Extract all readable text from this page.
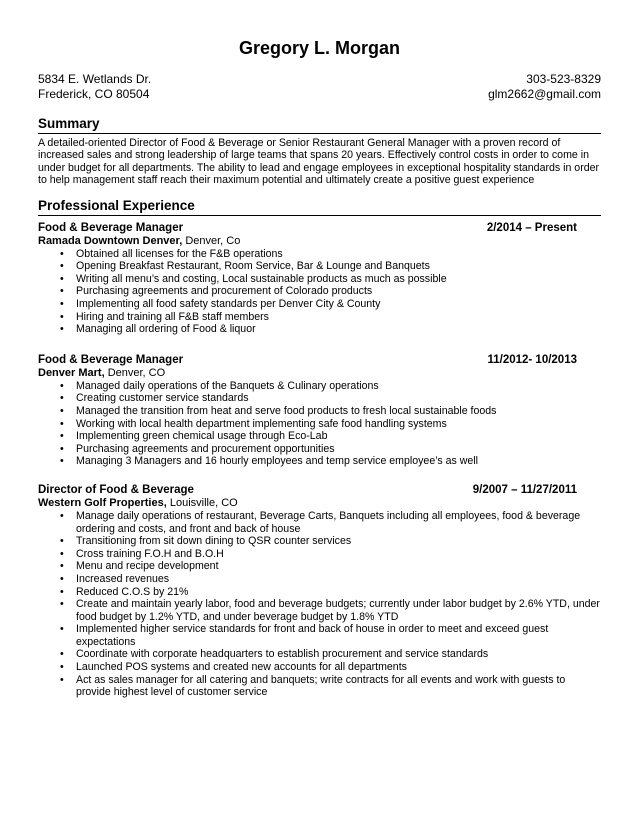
Gregory L. Morgan
5834 E. Wetlands Dr.
Frederick, CO 80504
303-523-8329
glm2662@gmail.com
Summary
A detailed-oriented Director of Food & Beverage or Senior Restaurant General Manager with a proven record of increased sales and strong leadership of large teams that spans 20 years. Effectively control costs in order to come in under budget for all departments. The ability to lead and engage employees in exceptional hospitality standards in order to help management staff reach their maximum potential and ultimately create a positive guest experience
Professional Experience
Food & Beverage Manager	2/2014 – Present
Ramada Downtown Denver, Denver, Co
• Obtained all licenses for the F&B operations
• Opening Breakfast Restaurant, Room Service, Bar & Lounge and Banquets
• Writing all menu’s and costing, Local sustainable products as much as possible
• Purchasing agreements and procurement of Colorado products
• Implementing all food safety standards per Denver City & County
• Hiring and training all F&B staff members
• Managing all ordering of Food & liquor
Food & Beverage Manager	11/2012- 10/2013
Denver Mart, Denver, CO
• Managed daily operations of the Banquets & Culinary operations
• Creating customer service standards
• Managed the transition from heat and serve food products to fresh local sustainable foods
• Working with local health department implementing safe food handling systems
• Implementing green chemical usage through Eco-Lab
• Purchasing agreements and procurement opportunities
• Managing 3 Managers and 16 hourly employees and temp service employee’s as well
Director of Food & Beverage	9/2007 – 11/27/2011
Western Golf Properties, Louisville, CO
• Manage daily operations of restaurant, Beverage Carts, Banquets including all employees, food & beverage ordering and costs, and front and back of house
• Transitioning from sit down dining to QSR counter services
• Cross training F.O.H and B.O.H
• Menu and recipe development
• Increased revenues
• Reduced C.O.S by 21%
• Create and maintain yearly labor, food and beverage budgets; currently under labor budget by 2.6% YTD, under food budget by 1.2% YTD, and under beverage budget by 1.8% YTD
• Implemented higher service standards for front and back of house in order to meet and exceed guest expectations
• Coordinate with corporate headquarters to establish procurement and service standards
• Launched POS systems and created new accounts for all departments
• Act as sales manager for all catering and banquets; write contracts for all events and work with guests to provide highest level of customer service
